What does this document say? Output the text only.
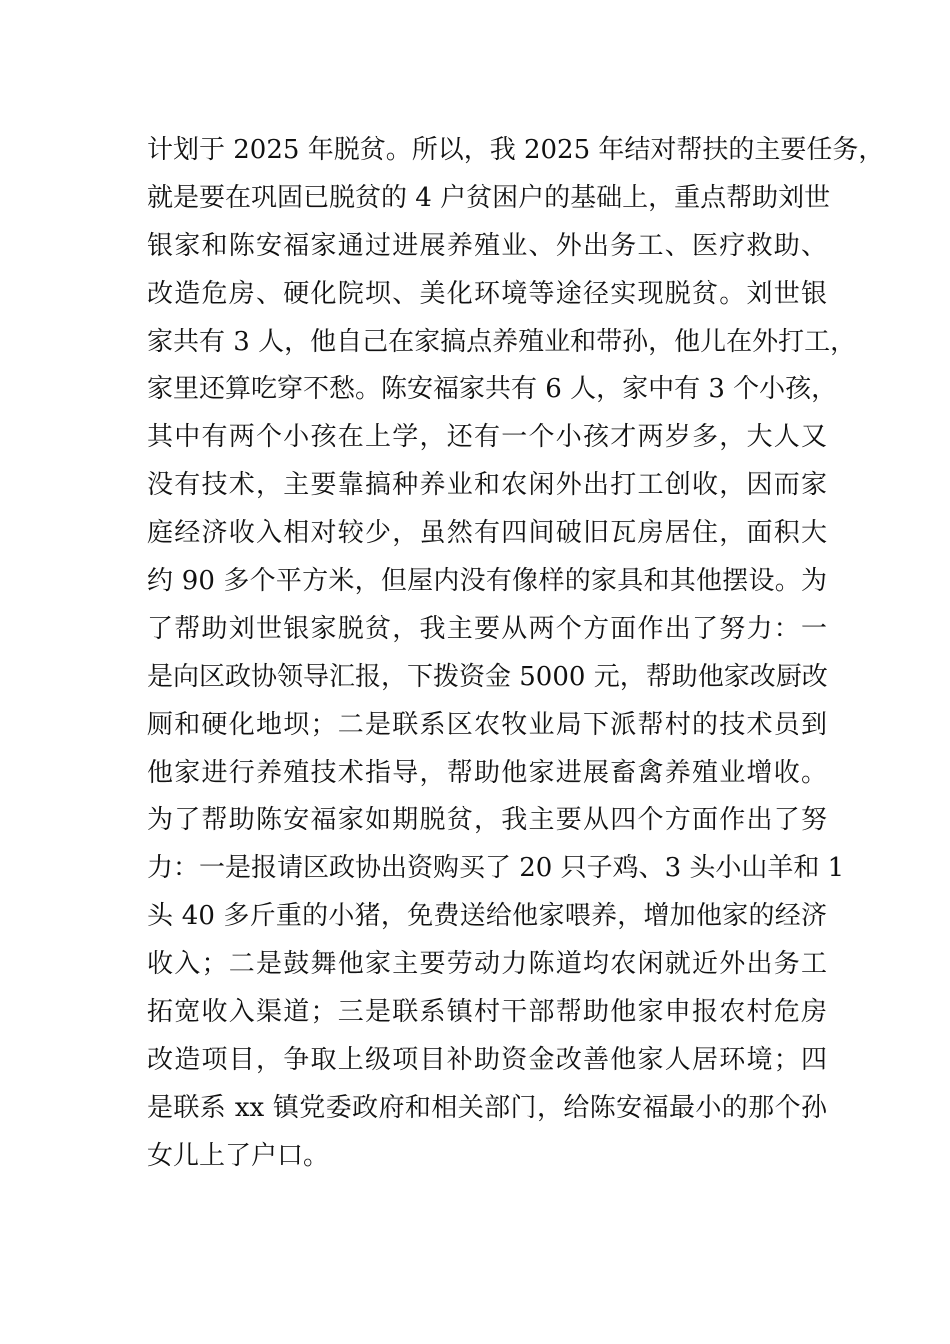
计划于 2025 年脱贫。所以，我 2025 年结对帮扶的主要任务，
就是要在巩固已脱贫的 4 户贫困户的基础上，重点帮助刘世
银家和陈安福家通过进展养殖业、外出务工、医疗救助、
改造危房、硬化院坝、美化环境等途径实现脱贫。刘世银
家共有 3 人，他自己在家搞点养殖业和带孙，他儿在外打工，
家里还算吃穿不愁。陈安福家共有 6 人，家中有 3 个小孩，
其中有两个小孩在上学，还有一个小孩才两岁多，大人又
没有技术，主要靠搞种养业和农闲外出打工创收，因而家
庭经济收入相对较少，虽然有四间破旧瓦房居住，面积大
约 90 多个平方米，但屋内没有像样的家具和其他摆设。为
了帮助刘世银家脱贫，我主要从两个方面作出了努力：一
是向区政协领导汇报，下拨资金 5000 元，帮助他家改厨改
厕和硬化地坝；二是联系区农牧业局下派帮村的技术员到
他家进行养殖技术指导，帮助他家进展畜禽养殖业增收。
为了帮助陈安福家如期脱贫，我主要从四个方面作出了努
力：一是报请区政协出资购买了 20 只子鸡、3 头小山羊和 1
头 40 多斤重的小猪，免费送给他家喂养，增加他家的经济
收入；二是鼓舞他家主要劳动力陈道均农闲就近外出务工
拓宽收入渠道；三是联系镇村干部帮助他家申报农村危房
改造项目，争取上级项目补助资金改善他家人居环境；四
是联系 xx 镇党委政府和相关部门，给陈安福最小的那个孙
女儿上了户口。
